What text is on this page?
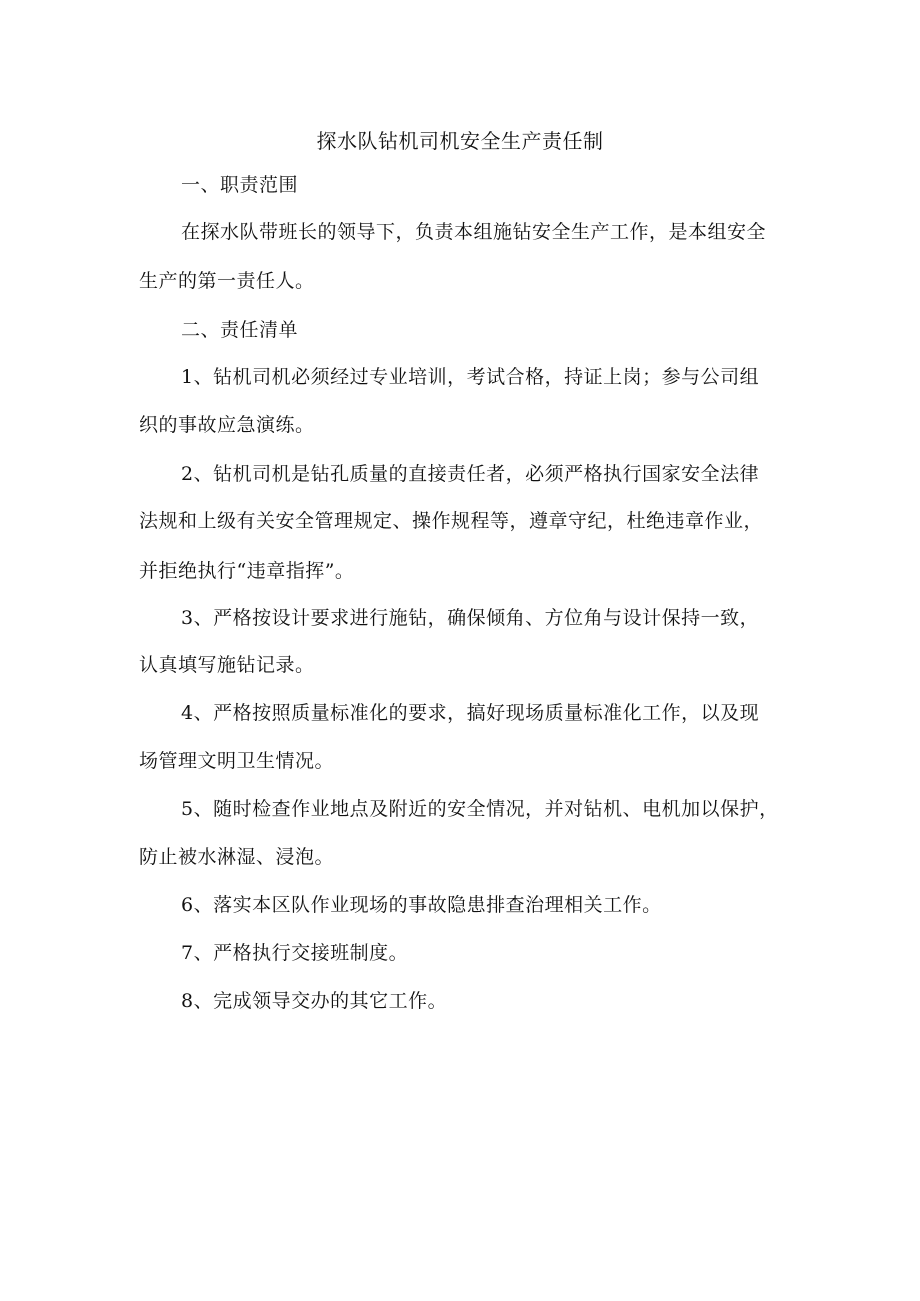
探水队钻机司机安全生产责任制
一、职责范围
在探水队带班长的领导下，负责本组施钻安全生产工作，是本组安全
生产的第一责任人。
二、责任清单
1、钻机司机必须经过专业培训，考试合格，持证上岗；参与公司组
织的事故应急演练。
2、钻机司机是钻孔质量的直接责任者，必须严格执行国家安全法律
法规和上级有关安全管理规定、操作规程等，遵章守纪，杜绝违章作业，
并拒绝执行“违章指挥”。
3、严格按设计要求进行施钻，确保倾角、方位角与设计保持一致，
认真填写施钻记录。
4、严格按照质量标准化的要求，搞好现场质量标准化工作，以及现
场管理文明卫生情况。
5、随时检查作业地点及附近的安全情况，并对钻机、电机加以保护，
防止被水淋湿、浸泡。
6、落实本区队作业现场的事故隐患排查治理相关工作。
7、严格执行交接班制度。
8、完成领导交办的其它工作。
